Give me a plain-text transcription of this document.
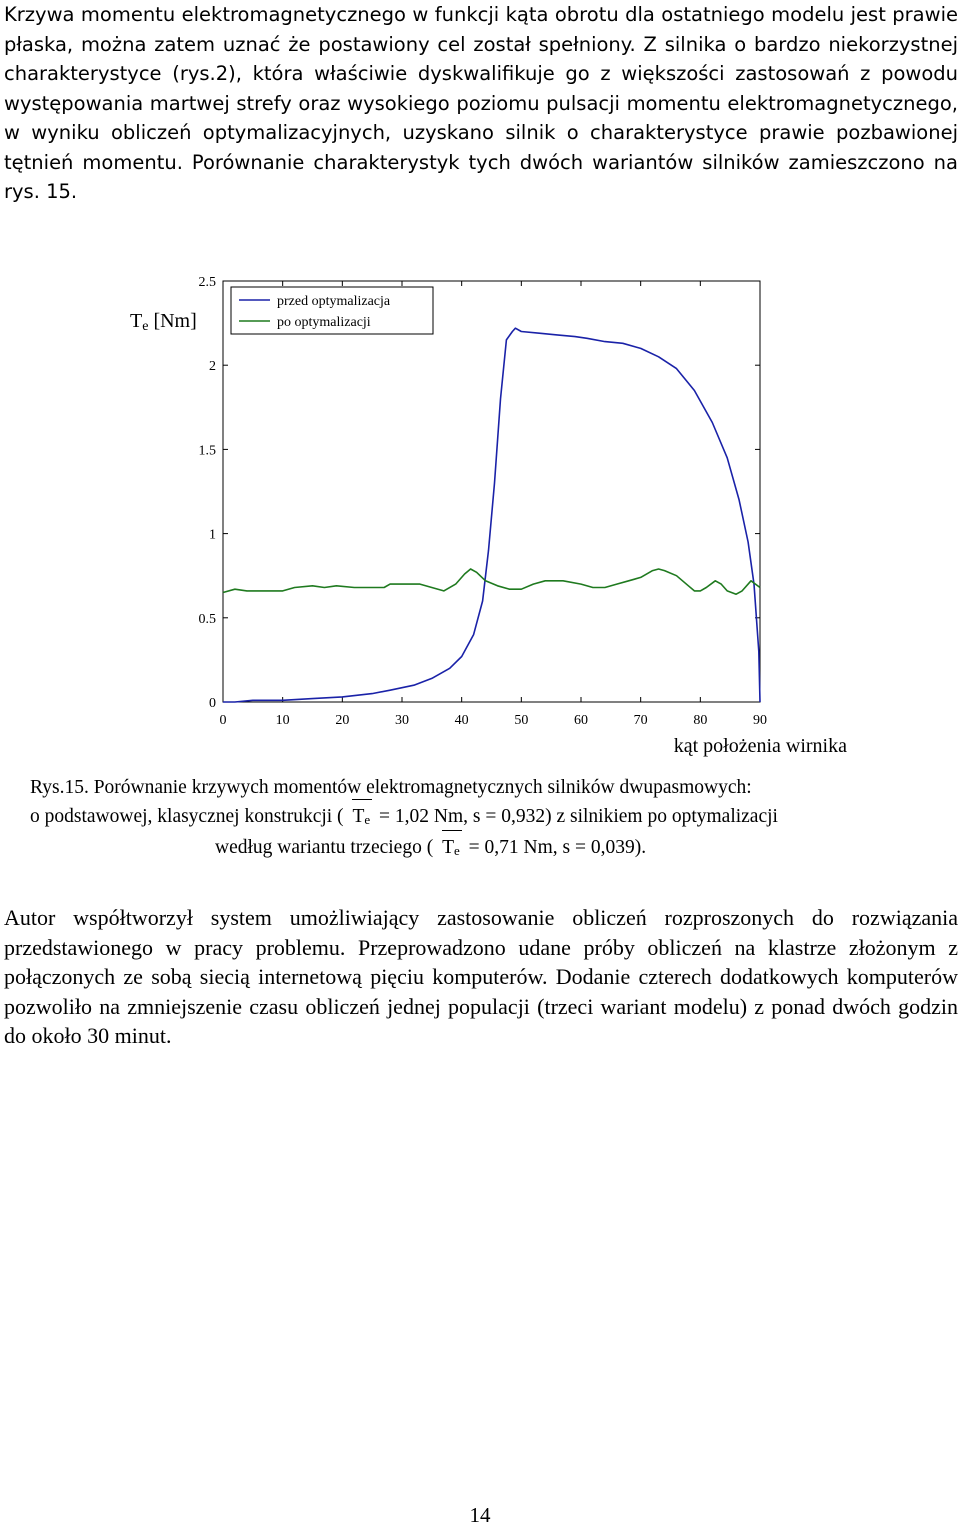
Krzywa momentu elektromagnetycznego w funkcji kąta obrotu dla ostatniego modelu jest prawie płaska, można zatem uznać że postawiony cel został spełniony. Z silnika o bardzo niekorzystnej charakterystyce (rys.2), która właściwie dyskwalifikuje go z większości zastosowań z powodu występowania martwej strefy oraz wysokiego poziomu pulsacji momentu elektromagnetycznego, w wyniku obliczeń optymalizacyjnych, uzyskano silnik o charakterystyce prawie pozbawionej tętnień momentu. Porównanie charakterystyk tych dwóch wariantów silników zamieszczono na rys. 15.

0	10	20	30	40	50	60	70	80	90
0
0.5
1
1.5
2
2.5
Te [Nm]
kąt położenia wirnika
przed optymalizacja
po optymalizacji
Rys.15. Porównanie krzywych momentów elektromagnetycznych silników dwupasmowych:
o podstawowej, klasycznej konstrukcji ( $T_e = 1,02$ Nm, s = 0,932) z silnikiem po optymalizacji
według wariantu trzeciego ( $T_e = 0,71$ Nm, s = 0,039).

Autor współtworzył system umożliwiający zastosowanie obliczeń rozproszonych do rozwiązania przedstawionego w pracy problemu. Przeprowadzono udane próby obliczeń na klastrze złożonym z połączonych ze sobą siecią internetową pięciu komputerów. Dodanie czterech dodatkowych komputerów pozwoliło na zmniejszenie czasu obliczeń jednej populacji (trzeci wariant modelu) z ponad dwóch godzin do około 30 minut.

14
